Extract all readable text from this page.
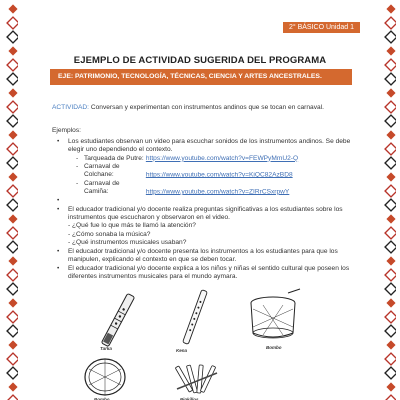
2° BÁSICO Unidad 1
EJEMPLO DE ACTIVIDAD SUGERIDA DEL PROGRAMA
EJE: PATRIMONIO, TECNOLOGÍA, TÉCNICAS, CIENCIA Y ARTES ANCESTRALES.
ACTIVIDAD: Conversan y experimentan con instrumentos andinos que se tocan en carnaval.
Ejemplos:
• Los estudiantes observan un video para escuchar sonidos de los instrumentos andinos. Se debe elegir uno dependiendo el contexto.
- Tarqueada de Putre: https://www.youtube.com/watch?v=FEWPyMmU2-Q
- Carnaval de Colchane:	https://www.youtube.com/watch?v=KiQC82AzBD8
- Carnaval de Camiña:	https://www.youtube.com/watch?v=ZIRrCSxrpwY
•
• El educador tradicional y/o docente realiza preguntas significativas a los estudiantes sobre los instrumentos que escucharon y observaron en el video.
- ¿Qué fue lo que más te llamó la atención?
- ¿Cómo sonaba la música?
- ¿Qué instrumentos musicales usaban?
• El educador tradicional y/o docente presenta los instrumentos a los estudiantes para que los manipulen, explicando el contexto en que se deben tocar.
• El educador tradicional y/o docente explica a los niños y niñas el sentido cultural que poseen los diferentes instrumentos musicales para el mundo aymara.
Tarka	Kena
Bombo
Bombo	Pinkillos
